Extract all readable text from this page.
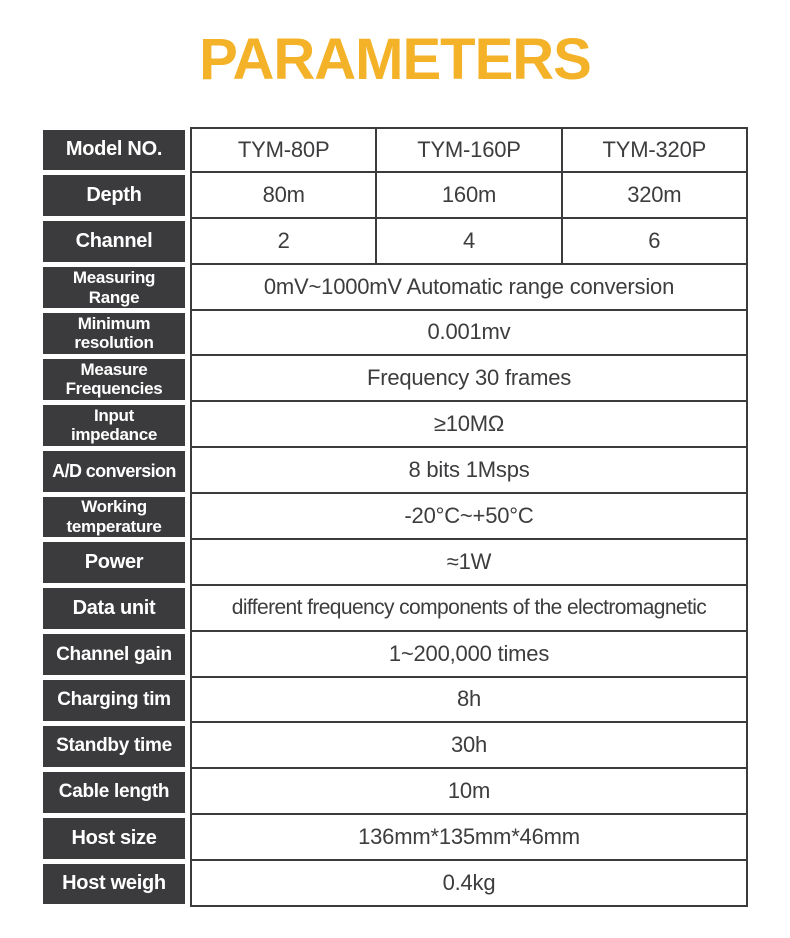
PARAMETERS
Model NO.	TYM-80P	TYM-160P	TYM-320P
Depth	80m	160m	320m
Channel	2	4	6
Measuring Range	0mV~1000mV Automatic range conversion
Minimum resolution	0.001mv
Measure Frequencies	Frequency 30 frames
Input impedance	≥10MΩ
A/D conversion	8 bits 1Msps
Working temperature	-20°C~+50°C
Power	≈1W
Data unit	different frequency components of the electromagnetic
Channel gain	1~200,000 times
Charging tim	8h
Standby time	30h
Cable length	10m
Host size	136mm*135mm*46mm
Host weigh	0.4kg
